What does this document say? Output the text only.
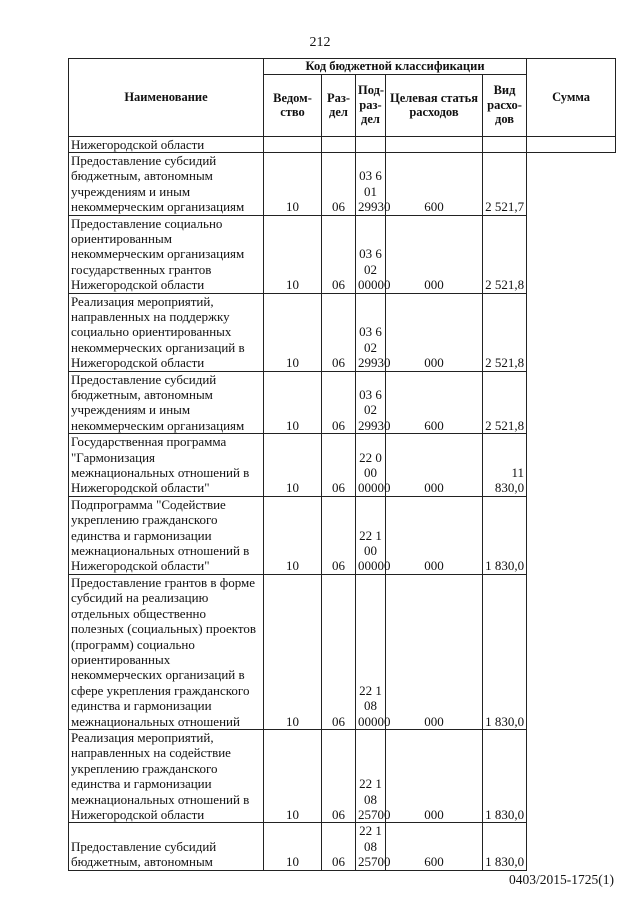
212
Наименование	Код бюджетной классификации					Сумма
	Ведом-ство	Раз-дел	Под-раз-дел	Целевая статья расходов	Вид расхо-дов	
Нижегородской области						
Предоставление субсидий бюджетным, автономным учреждениям и иным некоммерческим организациям	10	06	03 6 01 29930	600	2 521,7	
Предоставление социально ориентированным некоммерческим организациям государственных грантов Нижегородской области	10	06	03 6 02 00000	000	2 521,8	
Реализация мероприятий, направленных на поддержку социально ориентированных некоммерческих организаций в Нижегородской области	10	06	03 6 02 29930	000	2 521,8	
Предоставление субсидий бюджетным, автономным учреждениям и иным некоммерческим организациям	10	06	03 6 02 29930	600	2 521,8	
Государственная программа "Гармонизация межнациональных отношений в Нижегородской области"	10	06	22 0 00 00000	000	11 830,0	
Подпрограмма "Содействие укреплению гражданского единства и гармонизации межнациональных отношений в Нижегородской области"	10	06	22 1 00 00000	000	1 830,0	
Предоставление грантов в форме субсидий на реализацию отдельных общественно полезных (социальных) проектов (программ) социально ориентированных некоммерческих организаций в сфере укрепления гражданского единства и гармонизации межнациональных отношений	10	06	22 1 08 00000	000	1 830,0	
Реализация мероприятий, направленных на содействие укреплению гражданского единства и гармонизации межнациональных отношений в Нижегородской области	10	06	22 1 08 25700	000	1 830,0	
Предоставление субсидий бюджетным, автономным	10	06	22 1 08 25700	600	1 830,0	
0403/2015-1725(1)
